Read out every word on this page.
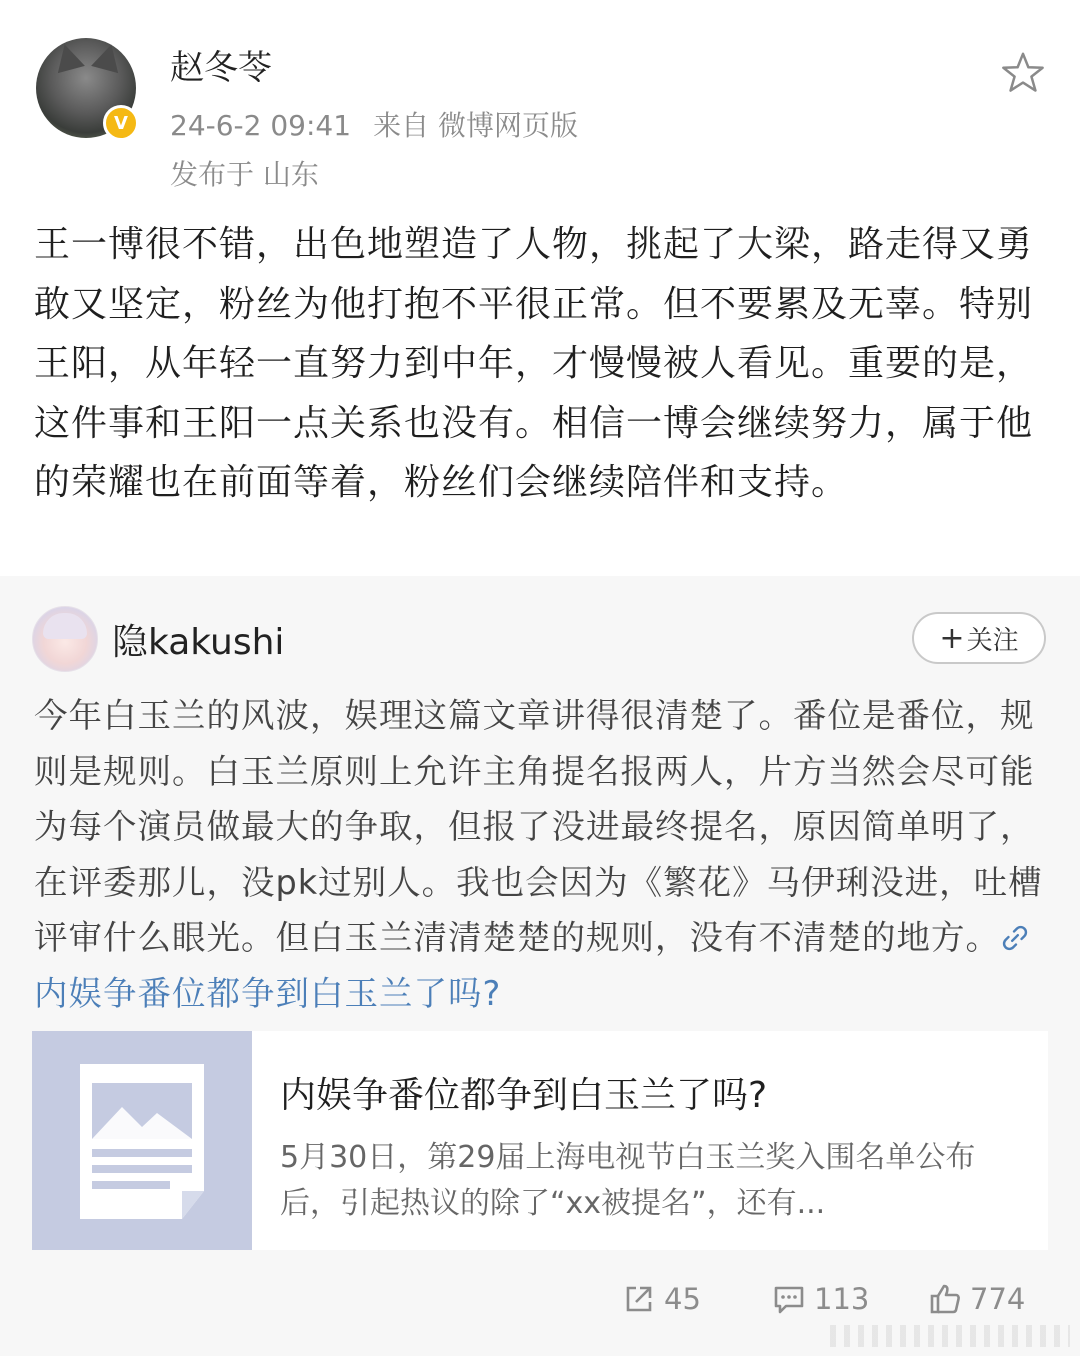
V
赵冬苓
24-6-2 09:41 来自 微博网页版
发布于 山东
王一博很不错，出色地塑造了人物，挑起了大梁，路走得又勇敢又坚定，粉丝为他打抱不平很正常。但不要累及无辜。特别王阳，从年轻一直努力到中年，才慢慢被人看见。重要的是，这件事和王阳一点关系也没有。相信一博会继续努力，属于他的荣耀也在前面等着，粉丝们会继续陪伴和支持。
隐kakushi	+ 关注
今年白玉兰的风波，娱理这篇文章讲得很清楚了。番位是番位，规则是规则。白玉兰原则上允许主角提名报两人，片方当然会尽可能为每个演员做最大的争取，但报了没进最终提名，原因简单明了，在评委那儿，没pk过别人。我也会因为《繁花》马伊琍没进，吐槽评审什么眼光。但白玉兰清清楚楚的规则，没有不清楚的地方。内娱争番位都争到白玉兰了吗?
内娱争番位都争到白玉兰了吗?
5月30日，第29届上海电视节白玉兰奖入围名单公布后，引起热议的除了“xx被提名”，还有...
45	113	774
